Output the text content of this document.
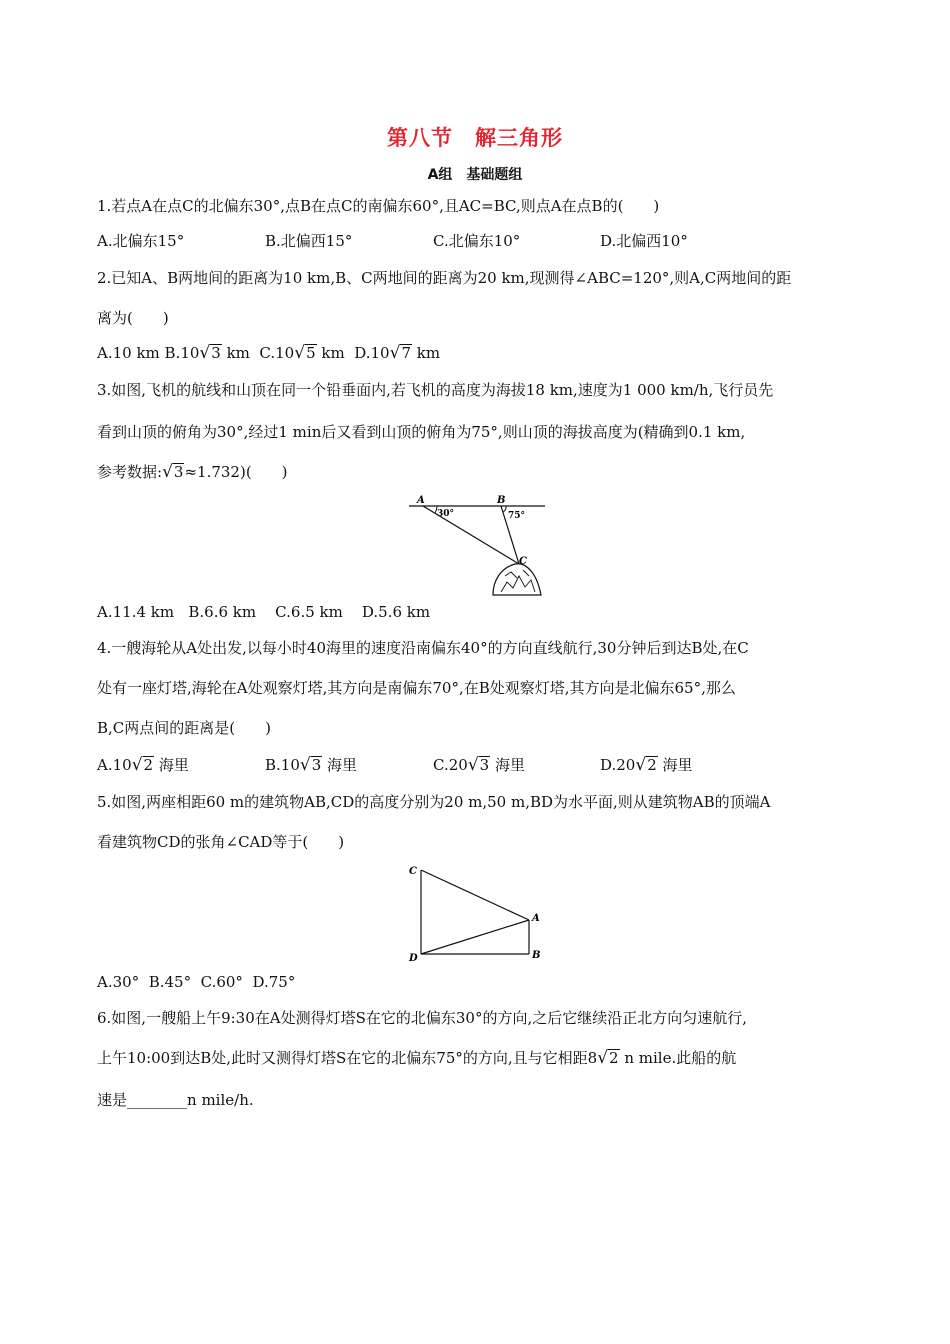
第八节　解三角形
A组　基础题组
1.若点A在点C的北偏东30°,点B在点C的南偏东60°,且AC=BC,则点A在点B的(　　)
A.北偏东15°	B.北偏西15°	C.北偏东10°	D.北偏西10°
2.已知A、B两地间的距离为10 km,B、C两地间的距离为20 km,现测得∠ABC=120°,则A,C两地间的距
离为(　　)
A.10 km B.10√3 km  C.10√5 km  D.10√7 km
3.如图,飞机的航线和山顶在同一个铅垂面内,若飞机的高度为海拔18 km,速度为1 000 km/h,飞行员先
看到山顶的俯角为30°,经过1 min后又看到山顶的俯角为75°,则山顶的海拔高度为(精确到0.1 km,
参考数据:√3≈1.732)(　　)
A	B
C
30°	75°
A.11.4 km   B.6.6 km    C.6.5 km    D.5.6 km
4.一艘海轮从A处出发,以每小时40海里的速度沿南偏东40°的方向直线航行,30分钟后到达B处,在C
处有一座灯塔,海轮在A处观察灯塔,其方向是南偏东70°,在B处观察灯塔,其方向是北偏东65°,那么
B,C两点间的距离是(　　)
A.10√2 海里	B.10√3 海里	C.20√3 海里	D.20√2 海里
5.如图,两座相距60 m的建筑物AB,CD的高度分别为20 m,50 m,BD为水平面,则从建筑物AB的顶端A
看建筑物CD的张角∠CAD等于(　　)
C
D
A
B
A.30°  B.45°  C.60°  D.75°
6.如图,一艘船上午9:30在A处测得灯塔S在它的北偏东30°的方向,之后它继续沿正北方向匀速航行,
上午10:00到达B处,此时又测得灯塔S在它的北偏东75°的方向,且与它相距8√2 n mile.此船的航
速是________n mile/h.
